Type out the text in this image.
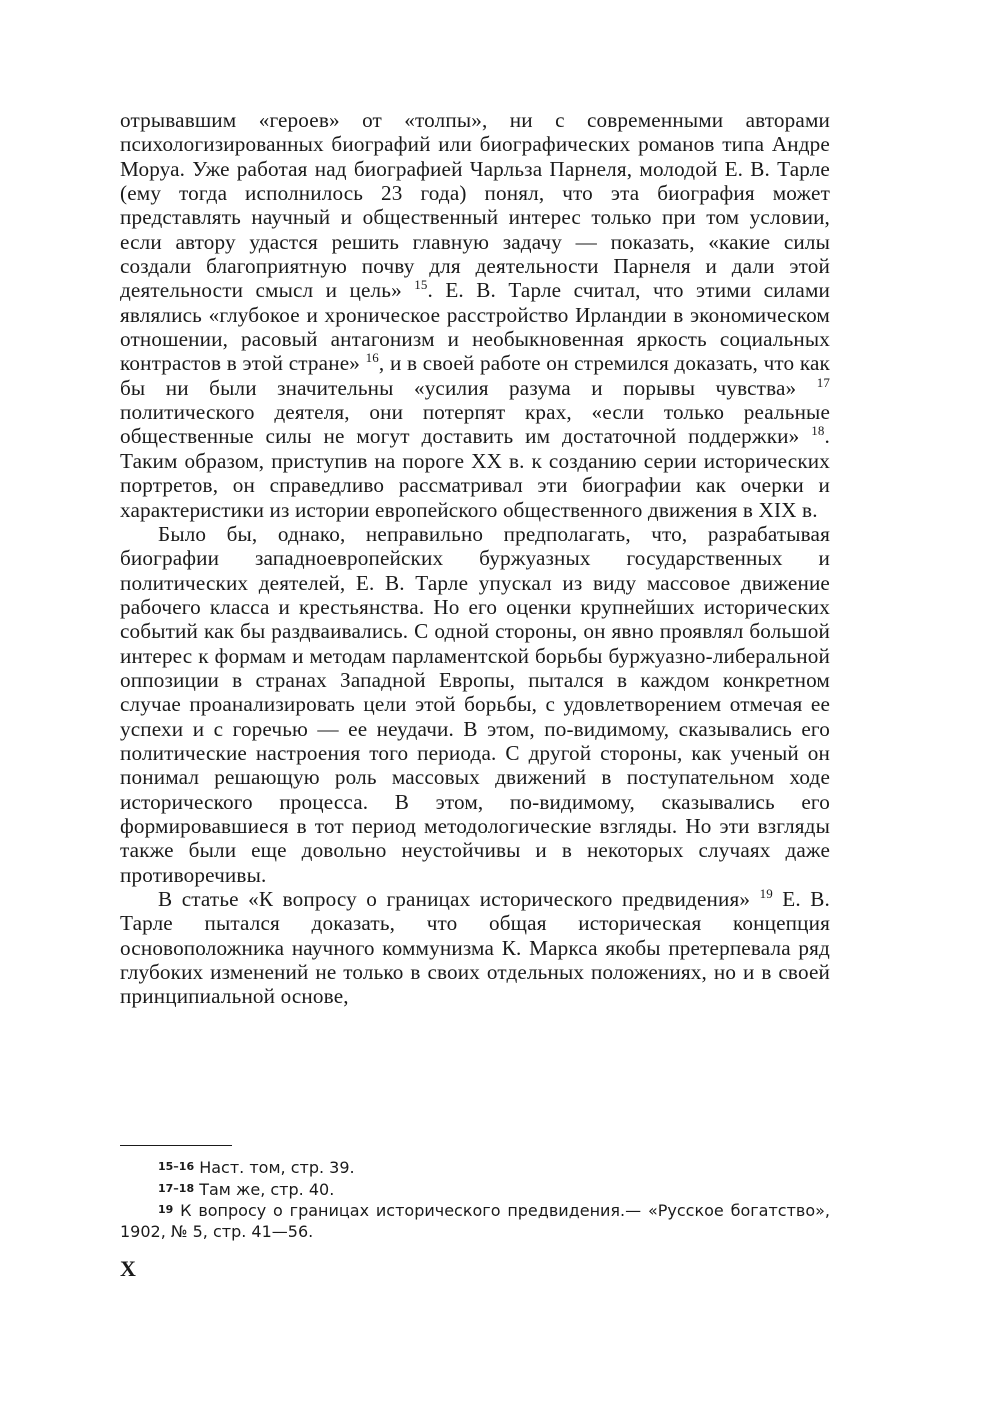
отрывавшим «героев» от «толпы», ни с современными авторами психологизированных биографий или биографических романов типа Андре Моруа. Уже работая над биографией Чарльза Парнеля, молодой Е. В. Тарле (ему тогда исполнилось 23 года) понял, что эта биография может представлять научный и общественный интерес только при том условии, если автору удастся решить главную задачу — показать, «какие силы создали благоприятную почву для деятельности Парнеля и дали этой деятельности смысл и цель» $^{15}$. Е. В. Тарле считал, что этими силами являлись «глубокое и хроническое расстройство Ирландии в экономическом отношении, расовый антагонизм и необыкновенная яркость социальных контрастов в этой стране» $^{16}$, и в своей работе он стремился доказать, что как бы ни были значительны «усилия разума и порывы чувства» $^{17}$ политического деятеля, они потерпят крах, «если только реальные общественные силы не могут доставить им достаточной поддержки» $^{18}$. Таким образом, приступив на пороге XX в. к созданию серии исторических портретов, он справедливо рассматривал эти биографии как очерки и характеристики из истории европейского общественного движения в XIX в.

Было бы, однако, неправильно предполагать, что, разрабатывая биографии западноевропейских буржуазных государственных и политических деятелей, Е. В. Тарле упускал из виду массовое движение рабочего класса и крестьянства. Но его оценки крупнейших исторических событий как бы раздваивались. С одной стороны, он явно проявлял большой интерес к формам и методам парламентской борьбы буржуазно-либеральной оппозиции в странах Западной Европы, пытался в каждом конкретном случае проанализировать цели этой борьбы, с удовлетворением отмечая ее успехи и с горечью — ее неудачи. В этом, по-видимому, сказывались его политические настроения того периода. С другой стороны, как ученый он понимал решающую роль массовых движений в поступательном ходе исторического процесса. В этом, по-видимому, сказывались его формировавшиеся в тот период методологические взгляды. Но эти взгляды также были еще довольно неустойчивы и в некоторых случаях даже противоречивы.

В статье «К вопросу о границах исторического предвидения» $^{19}$ Е. В. Тарле пытался доказать, что общая историческая концепция основоположника научного коммунизма К. Маркса якобы претерпевала ряд глубоких изменений не только в своих отдельных положениях, но и в своей принципиальной основе,

15–16 Наст. том, стр. 39.

17–18 Там же, стр. 40.

19 К вопросу о границах исторического предвидения.— «Русское богатство», 1902, № 5, стр. 41—56.

X
